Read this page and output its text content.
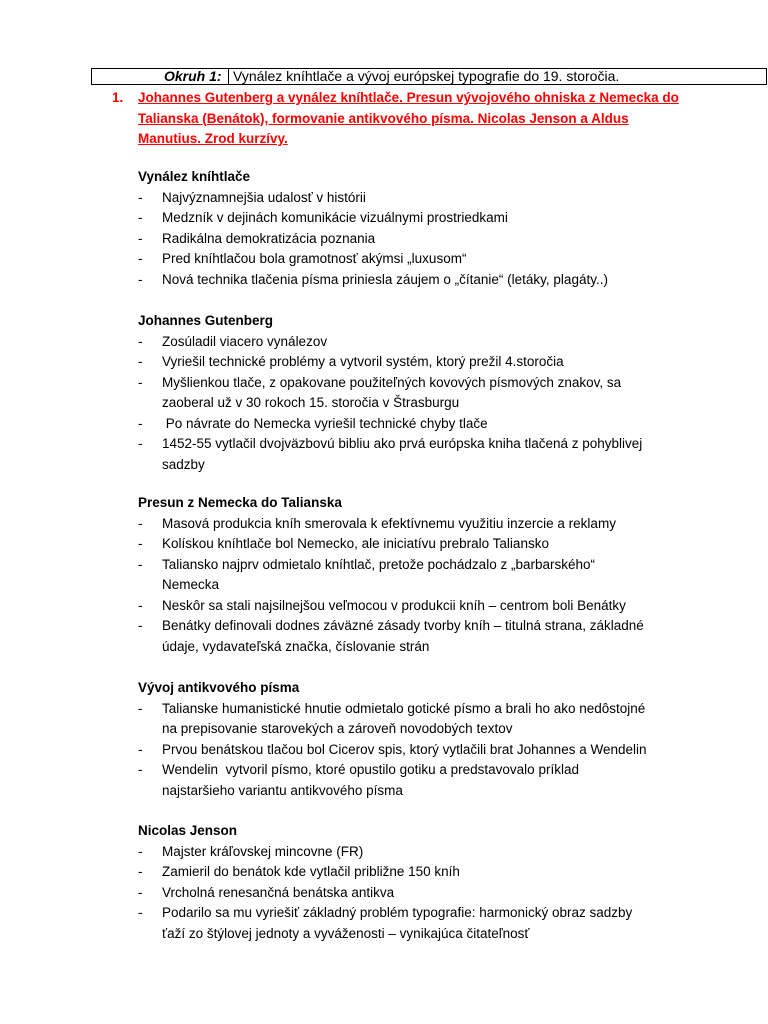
Okruh 1: Vynález kníhtlače a vývoj európskej typografie do 19. storočia.
1. Johannes Gutenberg a vynález kníhtlače. Presun vývojového ohniska z Nemecka do
Talianska (Benátok), formovanie antikvového písma. Nicolas Jenson a Aldus
Manutius. Zrod kurzívy.
Vynález kníhtlače
- Najvýznamnejšia udalosť v histórii
- Medzník v dejinách komunikácie vizuálnymi prostriedkami
- Radikálna demokratizácia poznania
- Pred kníhtlačou bola gramotnosť akýmsi „luxusom“
- Nová technika tlačenia písma priniesla záujem o „čítanie“ (letáky, plagáty..)
Johannes Gutenberg
- Zosúladil viacero vynálezov
- Vyriešil technické problémy a vytvoril systém, ktorý prežil 4.storočia
- Myšlienkou tlače, z opakovane použiteľných kovových písmových znakov, sa
zaoberal už v 30 rokoch 15. storočia v Štrasburgu
- Po návrate do Nemecka vyriešil technické chyby tlače
- 1452-55 vytlačil dvojväzbovú bibliu ako prvá európska kniha tlačená z pohyblivej
sadzby
Presun z Nemecka do Talianska
- Masová produkcia kníh smerovala k efektívnemu využitiu inzercie a reklamy
- Kolískou kníhtlače bol Nemecko, ale iniciatívu prebralo Taliansko
- Taliansko najprv odmietalo kníhtlač, pretože pochádzalo z „barbarského“
Nemecka
- Neskôr sa stali najsilnejšou veľmocou v produkcii kníh – centrom boli Benátky
- Benátky definovali dodnes záväzné zásady tvorby kníh – titulná strana, základné
údaje, vydavateľská značka, číslovanie strán
Vývoj antikvového písma
- Talianske humanistické hnutie odmietalo gotické písmo a brali ho ako nedôstojné
na prepisovanie starovekých a zároveň novodobých textov
- Prvou benátskou tlačou bol Cicerov spis, ktorý vytlačili brat Johannes a Wendelin
- Wendelin  vytvoril písmo, ktoré opustilo gotiku a predstavovalo príklad
najstaršieho variantu antikvového písma
Nicolas Jenson
- Majster kráľovskej mincovne (FR)
- Zamieril do benátok kde vytlačil približne 150 kníh
- Vrcholná renesančná benátska antikva
- Podarilo sa mu vyriešiť základný problém typografie: harmonický obraz sadzby
ťaží zo štýlovej jednoty a vyváženosti – vynikajúca čitateľnosť
